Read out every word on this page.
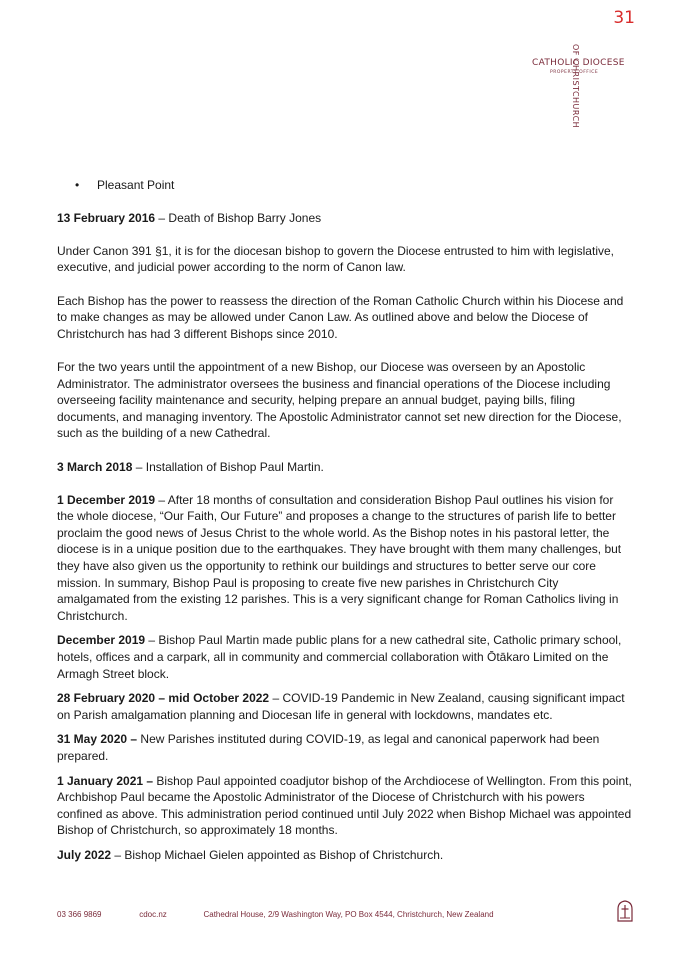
31
CATHOLIC DIOCESE
PROPERTY OFFICE
OF CHRISTCHURCH
•	Pleasant Point

13 February 2016 – Death of Bishop Barry Jones

Under Canon 391 §1, it is for the diocesan bishop to govern the Diocese entrusted to him with legislative, executive, and judicial power according to the norm of Canon law.

Each Bishop has the power to reassess the direction of the Roman Catholic Church within his Diocese and to make changes as may be allowed under Canon Law. As outlined above and below the Diocese of Christchurch has had 3 different Bishops since 2010.

For the two years until the appointment of a new Bishop, our Diocese was overseen by an Apostolic Administrator. The administrator oversees the business and financial operations of the Diocese including overseeing facility maintenance and security, helping prepare an annual budget, paying bills, filing documents, and managing inventory. The Apostolic Administrator cannot set new direction for the Diocese, such as the building of a new Cathedral.

3 March 2018 – Installation of Bishop Paul Martin.

1 December 2019 – After 18 months of consultation and consideration Bishop Paul outlines his vision for the whole diocese, “Our Faith, Our Future” and proposes a change to the structures of parish life to better proclaim the good news of Jesus Christ to the whole world. As the Bishop notes in his pastoral letter, the diocese is in a unique position due to the earthquakes. They have brought with them many challenges, but they have also given us the opportunity to rethink our buildings and structures to better serve our core mission. In summary, Bishop Paul is proposing to create five new parishes in Christchurch City amalgamated from the existing 12 parishes. This is a very significant change for Roman Catholics living in Christchurch.

December 2019 – Bishop Paul Martin made public plans for a new cathedral site, Catholic primary school, hotels, offices and a carpark, all in community and commercial collaboration with Ōtākaro Limited on the Armagh Street block.

28 February 2020 – mid October 2022 – COVID-19 Pandemic in New Zealand, causing significant impact on Parish amalgamation planning and Diocesan life in general with lockdowns, mandates etc.

31 May 2020 – New Parishes instituted during COVID-19, as legal and canonical paperwork had been prepared.

1 January 2021 – Bishop Paul appointed coadjutor bishop of the Archdiocese of Wellington. From this point, Archbishop Paul became the Apostolic Administrator of the Diocese of Christchurch with his powers confined as above. This administration period continued until July 2022 when Bishop Michael was appointed Bishop of Christchurch, so approximately 18 months.

July 2022 – Bishop Michael Gielen appointed as Bishop of Christchurch.

03 366 9869	cdoc.nz	Cathedral House, 2/9 Washington Way, PO Box 4544, Christchurch, New Zealand
